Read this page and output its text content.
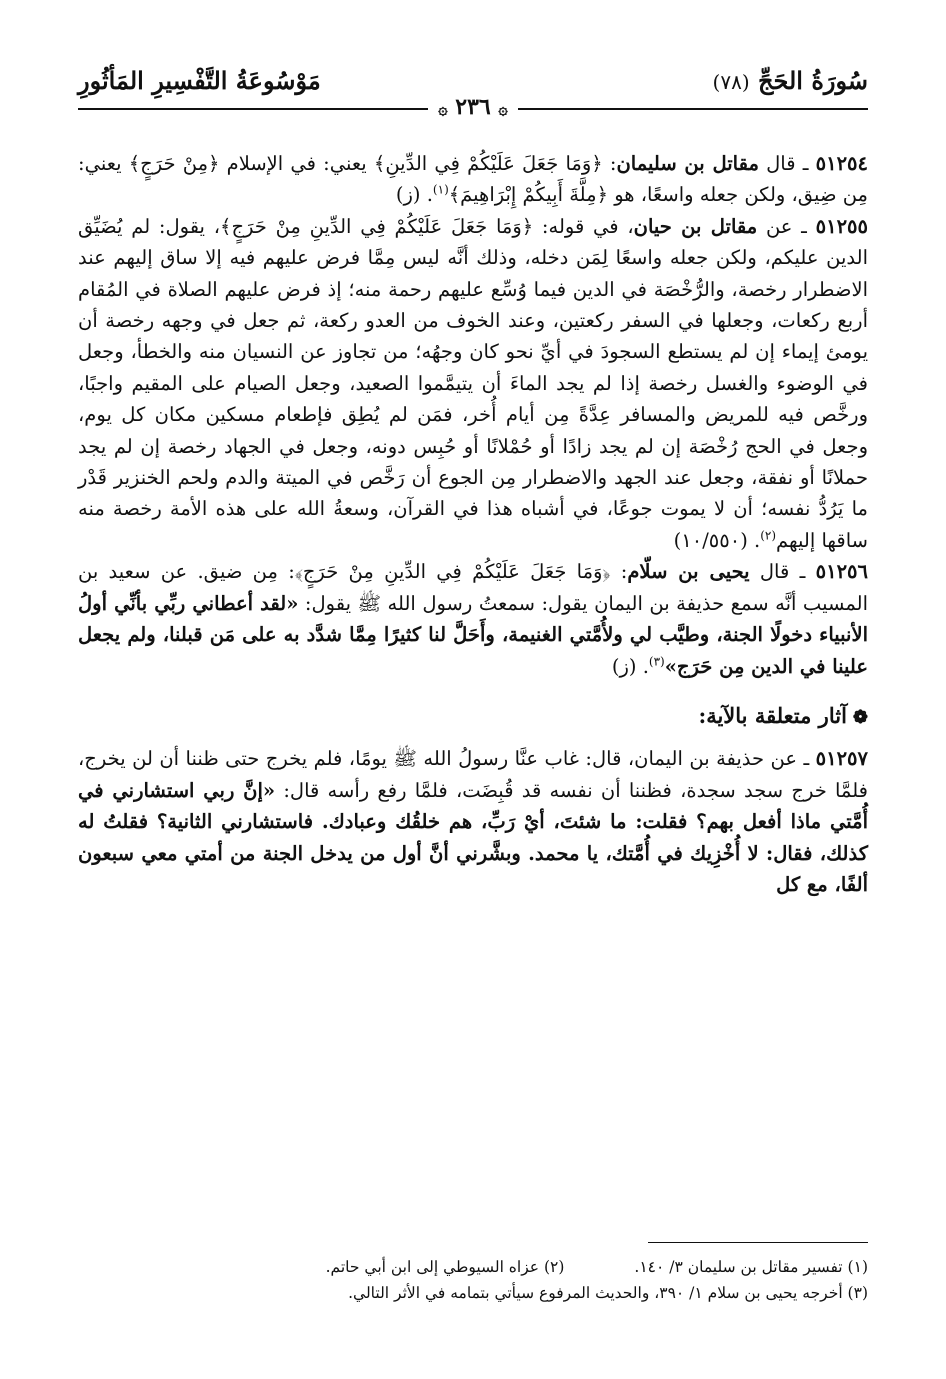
سُورَةُ الحَجِّ (٧٨)
مَوْسُوعَةُ التَّفْسِيرِ المَأثُورِ
۞ ٢٣٦ ۞

٥١٢٥٤ ـ قال مقاتل بن سليمان: ﴿وَمَا جَعَلَ عَلَيْكُمْ فِي الدِّينِ﴾ يعني: في الإسلام ﴿مِنْ حَرَجٍ﴾ يعني: مِن ضِيق، ولكن جعله واسعًا، هو ﴿مِلَّةَ أَبِيكُمْ إِبْرَاهِيمَ﴾$^{(١)}$. (ز)

٥١٢٥٥ ـ عن مقاتل بن حيان، في قوله: ﴿وَمَا جَعَلَ عَلَيْكُمْ فِي الدِّينِ مِنْ حَرَجٍ﴾، يقول: لم يُضَيِّق الدين عليكم، ولكن جعله واسعًا لِمَن دخله، وذلك أنَّه ليس مِمَّا فرض عليهم فيه إلا ساق إليهم عند الاضطرار رخصة، والرُّخْصَة في الدين فيما وُسِّع عليهم رحمة منه؛ إذ فرض عليهم الصلاة في المُقام أربع ركعات، وجعلها في السفر ركعتين، وعند الخوف من العدو ركعة، ثم جعل في وجهه رخصة أن يومئ إيماء إن لم يستطع السجودَ في أيِّ نحو كان وجهُه؛ من تجاوز عن النسيان منه والخطأ، وجعل في الوضوء والغسل رخصة إذا لم يجد الماءَ أن يتيمَّموا الصعيد، وجعل الصيام على المقيم واجبًا، ورخَّص فيه للمريض والمسافر عِدَّةً مِن أيام أُخر، فمَن لم يُطِق فإطعام مسكين مكان كل يوم، وجعل في الحج رُخْصَة إن لم يجد زادًا أو حُمْلانًا أو حُبِس دونه، وجعل في الجهاد رخصة إن لم يجد حملانًا أو نفقة، وجعل عند الجهد والاضطرار مِن الجوع أن رَخَّص في الميتة والدم ولحم الخنزير قَدْر ما يَرُدُّ نفسه؛ أن لا يموت جوعًا، في أشباه هذا في القرآن، وسعةُ الله على هذه الأمة رخصة منه ساقها إليهم$^{(٢)}$. (١٠/٥٥٠)

٥١٢٥٦ ـ قال يحيى بن سلّام: ﴿وَمَا جَعَلَ عَلَيْكُمْ فِي الدِّينِ مِنْ حَرَجٍ﴾: مِن ضيق. عن سعيد بن المسيب أنَّه سمع حذيفة بن اليمان يقول: سمعتُ رسول الله ﷺ يقول: «لقد أعطاني ربِّي بأنِّي أولُ الأنبياء دخولًا الجنة، وطيَّب لي ولأُمَّتي الغنيمة، وأَحَلَّ لنا كثيرًا مِمَّا شدَّد به على مَن قبلنا، ولم يجعل علينا في الدين مِن حَرَج»$^{(٣)}$. (ز)

❁آثار متعلقة بالآية:

٥١٢٥٧ ـ عن حذيفة بن اليمان، قال: غاب عنَّا رسولُ الله ﷺ يومًا، فلم يخرج حتى ظننا أن لن يخرج، فلمَّا خرج سجد سجدة، فظننا أن نفسه قد قُبِضَت، فلمَّا رفع رأسه قال: «إنَّ ربي استشارني في أُمَّتي ماذا أفعل بهم؟ فقلت: ما شئتَ، أيْ رَبِّ، هم خلقُك وعبادك. فاستشارني الثانية؟ فقلتُ له كذلك، فقال: لا أُخْزِيك في أُمَّتك، يا محمد. وبشَّرني أنَّ أول من يدخل الجنة من أمتي معي سبعون ألفًا، مع كل

(١) تفسير مقاتل بن سليمان ٣/ ١٤٠.
(٢) عزاه السيوطي إلى ابن أبي حاتم.
(٣) أخرجه يحيى بن سلام ١/ ٣٩٠، والحديث المرفوع سيأتي بتمامه في الأثر التالي.
